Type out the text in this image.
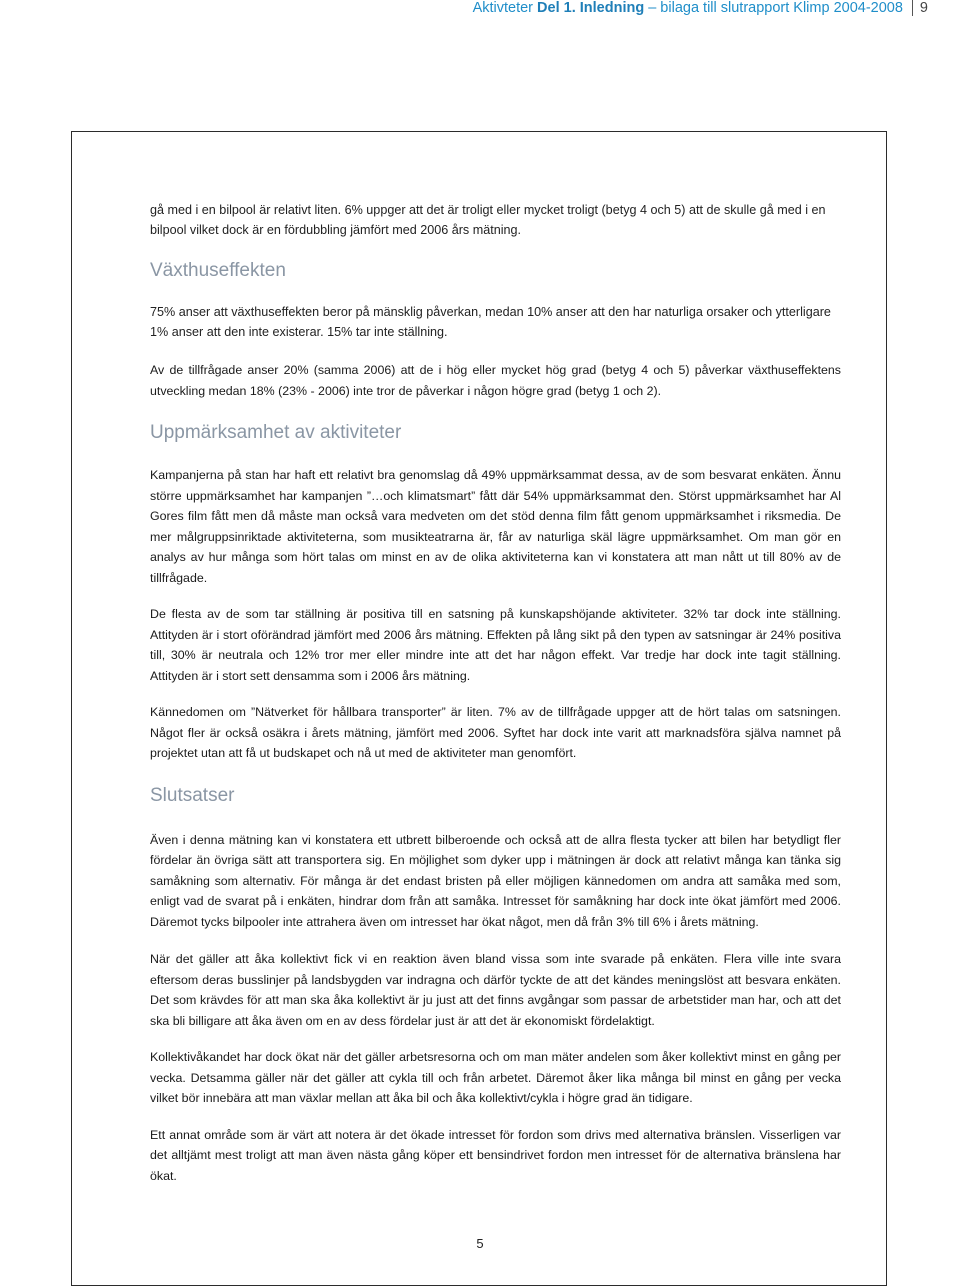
Aktivteter Del 1. Inledning – bilaga till slutrapport Klimp 2004-2008 9

gå med i en bilpool är relativt liten. 6% uppger att det är troligt eller mycket troligt (betyg 4 och 5) att de skulle gå med i en bilpool vilket dock är en fördubbling jämfört med 2006 års mätning.

Växthuseffekten

75% anser att växthuseffekten beror på mänsklig påverkan, medan 10% anser att den har naturliga orsaker och ytterligare 1% anser att den inte existerar. 15% tar inte ställning.

Av de tillfrågade anser 20% (samma 2006) att de i hög eller mycket hög grad (betyg 4 och 5) påverkar växthuseffektens utveckling medan 18% (23% - 2006) inte tror de påverkar i någon högre grad (betyg 1 och 2).

Uppmärksamhet av aktiviteter

Kampanjerna på stan har haft ett relativt bra genomslag då 49% uppmärksammat dessa, av de som besvarat enkäten. Ännu större uppmärksamhet har kampanjen ”…och klimatsmart” fått där 54% uppmärksammat den. Störst uppmärksamhet har Al Gores film fått men då måste man också vara medveten om det stöd denna film fått genom uppmärksamhet i riksmedia. De mer målgruppsinriktade aktiviteterna, som musikteatrarna är, får av naturliga skäl lägre uppmärksamhet. Om man gör en analys av hur många som hört talas om minst en av de olika aktiviteterna kan vi konstatera att man nått ut till 80% av de tillfrågade.

De flesta av de som tar ställning är positiva till en satsning på kunskapshöjande aktiviteter. 32% tar dock inte ställning. Attityden är i stort oförändrad jämfört med 2006 års mätning. Effekten på lång sikt på den typen av satsningar är 24% positiva till, 30% är neutrala och 12% tror mer eller mindre inte att det har någon effekt. Var tredje har dock inte tagit ställning. Attityden är i stort sett densamma som i 2006 års mätning.

Kännedomen om ”Nätverket för hållbara transporter” är liten. 7% av de tillfrågade uppger att de hört talas om satsningen. Något fler är också osäkra i årets mätning, jämfört med 2006. Syftet har dock inte varit att marknadsföra själva namnet på projektet utan att få ut budskapet och nå ut med de aktiviteter man genomfört.

Slutsatser

Även i denna mätning kan vi konstatera ett utbrett bilberoende och också att de allra flesta tycker att bilen har betydligt fler fördelar än övriga sätt att transportera sig. En möjlighet som dyker upp i mätningen är dock att relativt många kan tänka sig samåkning som alternativ. För många är det endast bristen på eller möjligen kännedomen om andra att samåka med som, enligt vad de svarat på i enkäten, hindrar dom från att samåka. Intresset för samåkning har dock inte ökat jämfört med 2006. Däremot tycks bilpooler inte attrahera även om intresset har ökat något, men då från 3% till 6% i årets mätning.

När det gäller att åka kollektivt fick vi en reaktion även bland vissa som inte svarade på enkäten. Flera ville inte svara eftersom deras busslinjer på landsbygden var indragna och därför tyckte de att det kändes meningslöst att besvara enkäten. Det som krävdes för att man ska åka kollektivt är ju just att det finns avgångar som passar de arbetstider man har, och att det ska bli billigare att åka även om en av dess fördelar just är att det är ekonomiskt fördelaktigt.

Kollektivåkandet har dock ökat när det gäller arbetsresorna och om man mäter andelen som åker kollektivt minst en gång per vecka. Detsamma gäller när det gäller att cykla till och från arbetet. Däremot åker lika många bil minst en gång per vecka vilket bör innebära att man växlar mellan att åka bil och åka kollektivt/cykla i högre grad än tidigare.

Ett annat område som är värt att notera är det ökade intresset för fordon som drivs med alternativa bränslen. Visserligen var det alltjämt mest troligt att man även nästa gång köper ett bensindrivet fordon men intresset för de alternativa bränslena har ökat.

5
